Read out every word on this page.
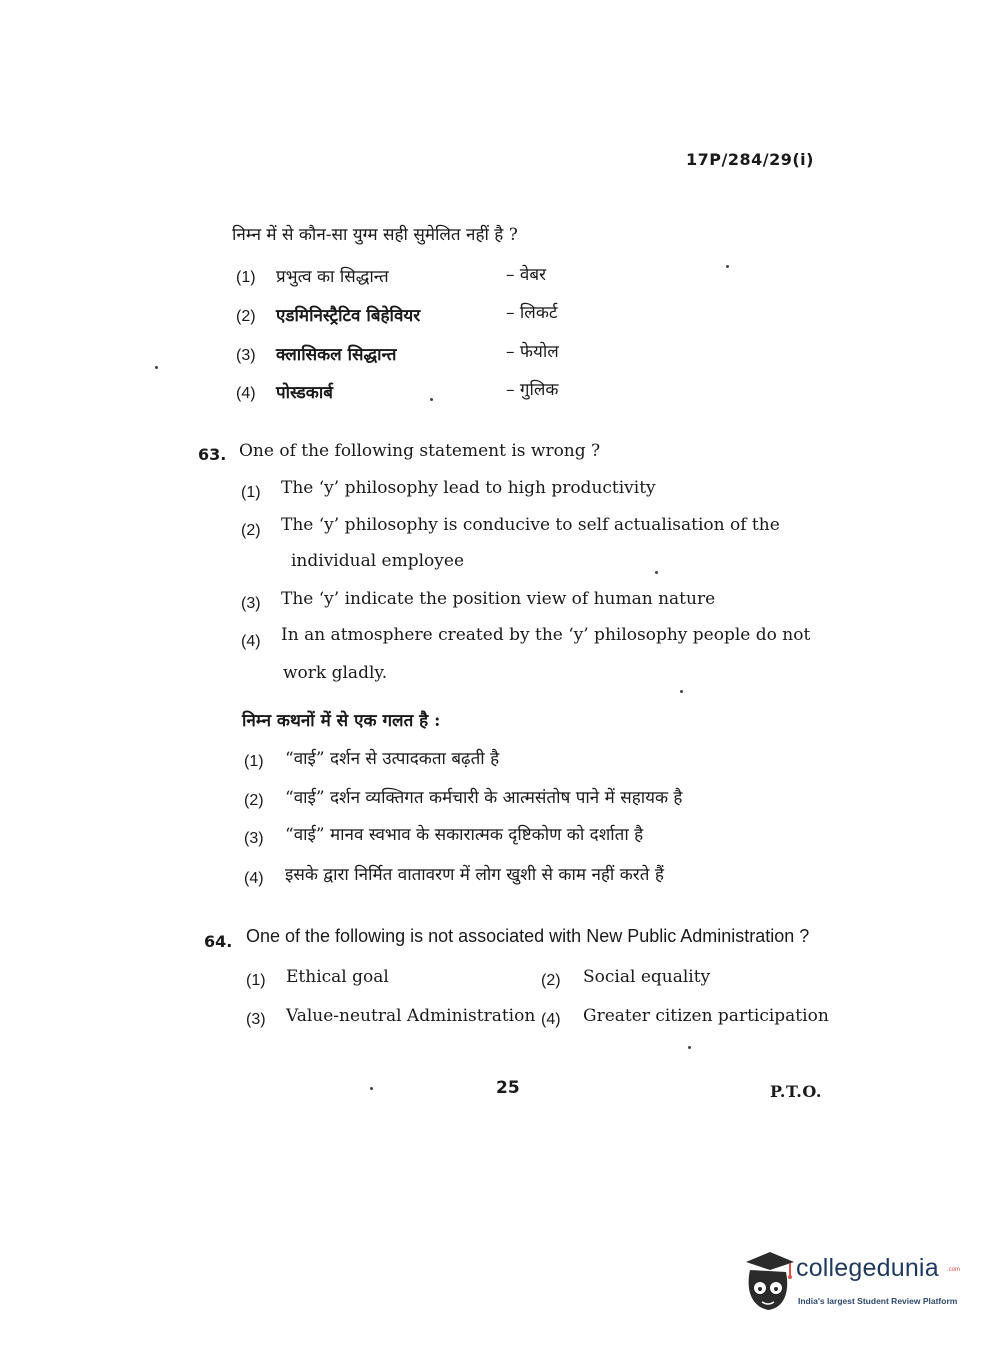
17P/284/29(i)
निम्न में से कौन-सा युग्म सही सुमेलित नहीं है ?
(1) प्रभुत्व का सिद्धान्त	– वेबर
(2) एडमिनिस्ट्रैटिव बिहेवियर	– लिकर्ट
(3) क्लासिकल सिद्धान्त	– फेयोल
(4) पोस्डकार्ब	– गुलिक
63. One of the following statement is wrong ?
(1) The ‘y’ philosophy lead to high productivity
(2) The ‘y’ philosophy is conducive to self actualisation of the
individual employee
(3) The ‘y’ indicate the position view of human nature
(4) In an atmosphere created by the ‘y’ philosophy people do not
work gladly.
निम्न कथनों में से एक गलत है :
(1) “वाई” दर्शन से उत्पादकता बढ़ती है
(2) “वाई” दर्शन व्यक्तिगत कर्मचारी के आत्मसंतोष पाने में सहायक है
(3) “वाई” मानव स्वभाव के सकारात्मक दृष्टिकोण को दर्शाता है
(4) इसके द्वारा निर्मित वातावरण में लोग खुशी से काम नहीं करते हैं
64. One of the following is not associated with New Public Administration ?
(1) Ethical goal	(2) Social equality
(3) Value-neutral Administration (4) Greater citizen participation
25	P.T.O.
collegedunia .com
India's largest Student Review Platform
